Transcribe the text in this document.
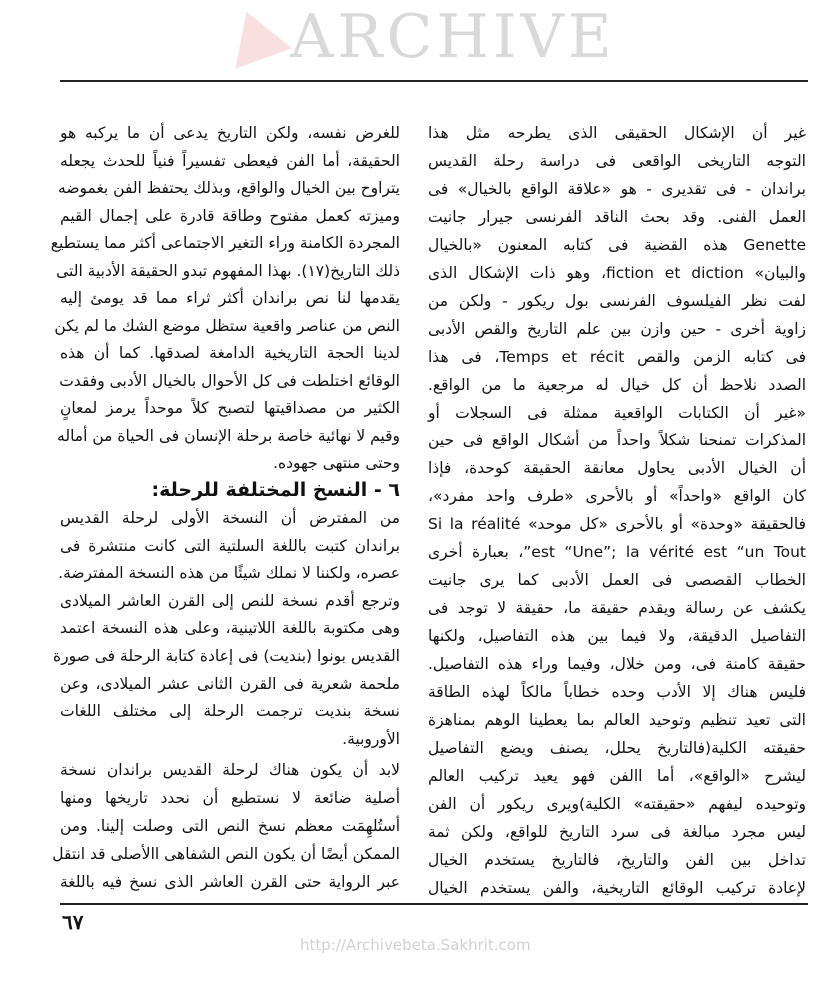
غير أن الإشكال الحقيقى الذى يطرحه مثل هذا
التوجه التاريخى الواقعى فى دراسة رحلة القديس
براندان - فى تقديرى - هو «علاقة الواقع بالخيال» فى
العمل الفنى. وقد بحث الناقد الفرنسى جيرار جانيت
Genette هذه القضية فى كتابه المعنون «بالخيال
والبيان» fiction et diction، وهو ذات الإشكال الذى
لفت نظر الفيلسوف الفرنسى بول ريكور - ولكن من
زاوية أخرى - حين وازن بين علم التاريخ والقص الأدبى
فى كتابه الزمن والقص Temps et récit، فى هذا
الصدد نلاحظ أن كل خيال له مرجعية ما من الواقع.
«غير أن الكتابات الواقعية ممثلة فى السجلات أو
المذكرات تمنحنا شكلاً واحداً من أشكال الواقع فى حين
أن الخيال الأدبى يحاول معانقة الحقيقة كوحدة، فإذا
كان الواقع «واحداً» أو بالأحرى «طرف واحد مفرد»،
فالحقيقة «وحدة» أو بالأحرى «كل موحد» Si la réalité
est “Une”; la vérité est “un Tout”، بعبارة أخرى
الخطاب القصصى فى العمل الأدبى كما يرى جانيت
يكشف عن رسالة ويقدم حقيقة ما، حقيقة لا توجد فى
التفاصيل الدقيقة، ولا فيما بين هذه التفاصيل، ولكنها
حقيقة كامنة فى، ومن خلال، وفيما وراء هذه التفاصيل.
فليس هناك إلا الأدب وحده خطاباً مالكاً لهذه الطاقة
التى تعيد تنظيم وتوحيد العالم بما يعطينا الوهم بمناهزة
حقيقته الكلية(فالتاريخ يحلل، يصنف ويضع التفاصيل
ليشرح «الواقع»، أما االفن فهو يعيد تركيب العالم
وتوحيده ليفهم «حقيقته» الكلية)ويرى ريكور أن الفن
ليس مجرد مبالغة فى سرد التاريخ للواقع، ولكن ثمة
تداخل بين الفن والتاريخ، فالتاريخ يستخدم الخيال
لإعادة تركيب الوقائع التاريخية، والفن يستخدم الخيال
للغرض نفسه، ولكن التاريخ يدعى أن ما يركبه هو
الحقيقة، أما الفن فيعطى تفسيراً فنياً للحدث يجعله
يتراوح بين الخيال والواقع، وبذلك يحتفظ الفن بغموضه
وميزته كعمل مفتوح وطاقة قادرة على إجمال القيم
المجردة الكامنة وراء التغير الاجتماعى أكثر مما يستطيع
ذلك التاريخ(١٧). بهذا المفهوم تبدو الحقيقة الأدبية التى
يقدمها لنا نص براندان أكثر ثراء مما قد يومئ إليه
النص من عناصر واقعية ستظل موضع الشك ما لم يكن
لدينا الحجة التاريخية الدامغة لصدقها. كما أن هذه
الوقائع اختلطت فى كل الأحوال بالخيال الأدبى وفقدت
الكثير من مصداقيتها لتصبح كلاً موحداً يرمز لمعانٍ
وقيم لا نهائية خاصة برحلة الإنسان فى الحياة من أماله
وحتى منتهى جهوده.
٦ - النسخ المختلفة للرحلة:
من المفترض أن النسخة الأولى لرحلة القديس
براندان كتبت باللغة السلتية التى كانت منتشرة فى
عصره، ولكننا لا نملك شيئًا من هذه النسخة المفترضة.
وترجع أقدم نسخة للنص إلى القرن العاشر الميلادى
وهى مكتوبة باللغة اللاتينية، وعلى هذه النسخة اعتمد
القديس بونوا (بنديت) فى إعادة كتابة الرحلة فى صورة
ملحمة شعرية فى القرن الثانى عشر الميلادى، وعن
نسخة بنديت ترجمت الرحلة إلى مختلف اللغات
الأوروبية.
لابد أن يكون هناك لرحلة القديس براندان نسخة
أصلية ضائعة لا نستطيع أن نحدد تاريخها ومنها
أستُلهِمَت معظم نسخ النص التى وصلت إلينا. ومن
الممكن أيضًا أن يكون النص الشفاهى االأصلى قد انتقل
عبر الرواية حتى القرن العاشر الذى نسخ فيه باللغة
ARCHIVE
http://Archivebeta.Sakhrit.com
٦٧
